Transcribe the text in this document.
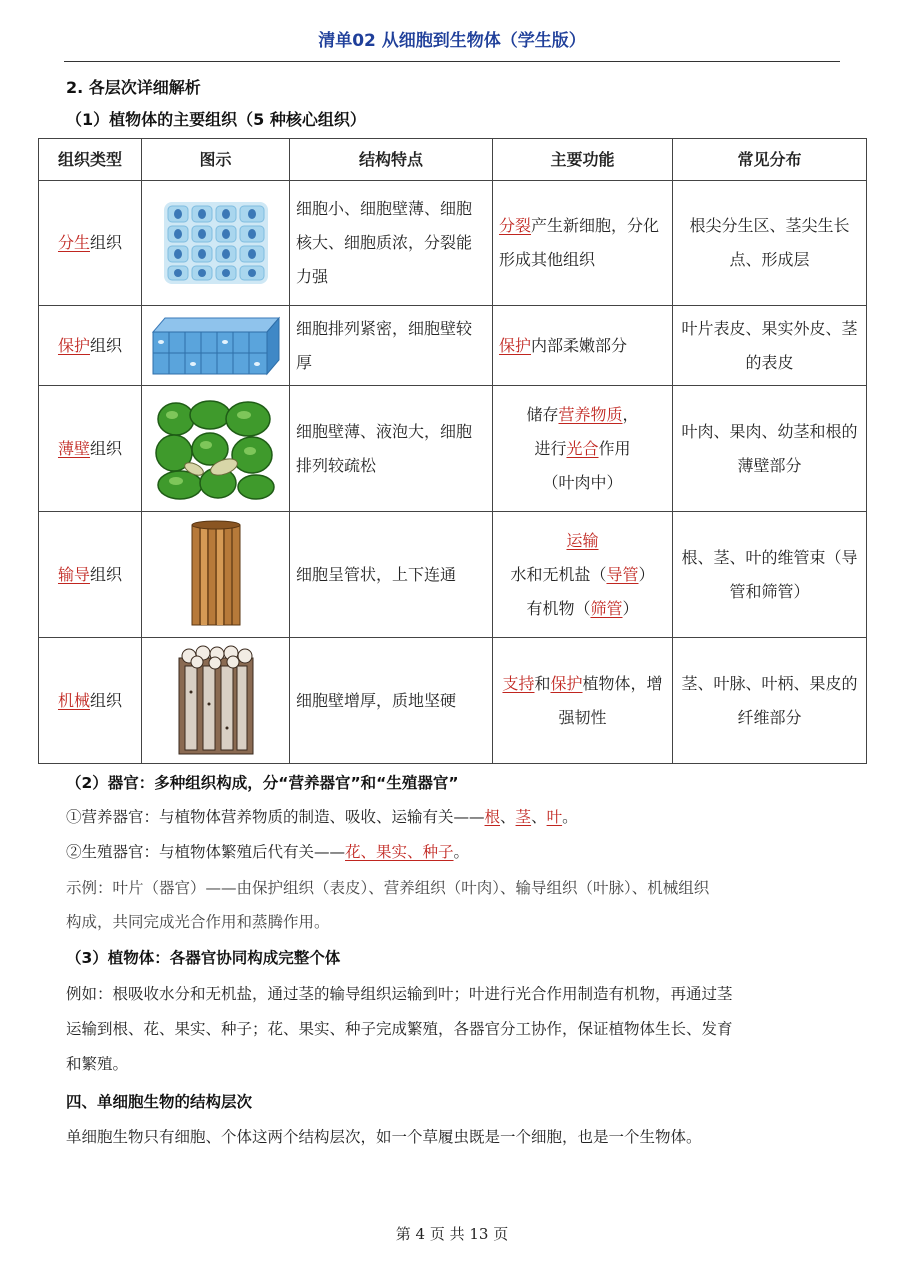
清单02 从细胞到生物体（学生版）
2. 各层次详细解析
（1）植物体的主要组织（5 种核心组织）
组织类型	图示	结构特点	主要功能	常见分布
分生组织		细胞小、细胞壁薄、细胞核大、细胞质浓，分裂能力强	分裂产生新细胞，分化形成其他组织	根尖分生区、茎尖生长点、形成层
保护组织		细胞排列紧密，细胞壁较厚	保护内部柔嫩部分	叶片表皮、果实外皮、茎的表皮
薄壁组织		细胞壁薄、液泡大，细胞排列较疏松	储存营养物质，
进行光合作用
（叶肉中）	叶肉、果肉、幼茎和根的薄壁部分
输导组织		细胞呈管状，上下连通	运输
水和无机盐（导管）
有机物（筛管）	根、茎、叶的维管束（导管和筛管）
机械组织		细胞壁增厚，质地坚硬	支持和保护植物体，增强韧性	茎、叶脉、叶柄、果皮的纤维部分
（2）器官：多种组织构成，分“营养器官”和“生殖器官”
①营养器官：与植物体营养物质的制造、吸收、运输有关——根、茎、叶。
②生殖器官：与植物体繁殖后代有关——花、果实、种子。
示例：叶片（器官）——由保护组织（表皮）、营养组织（叶肉）、输导组织（叶脉）、机械组织
构成，共同完成光合作用和蒸腾作用。
（3）植物体：各器官协同构成完整个体
例如：根吸收水分和无机盐，通过茎的输导组织运输到叶；叶进行光合作用制造有机物，再通过茎
运输到根、花、果实、种子；花、果实、种子完成繁殖，各器官分工协作，保证植物体生长、发育
和繁殖。
四、单细胞生物的结构层次
单细胞生物只有细胞、个体这两个结构层次，如一个草履虫既是一个细胞，也是一个生物体。
第 4 页 共 13 页
